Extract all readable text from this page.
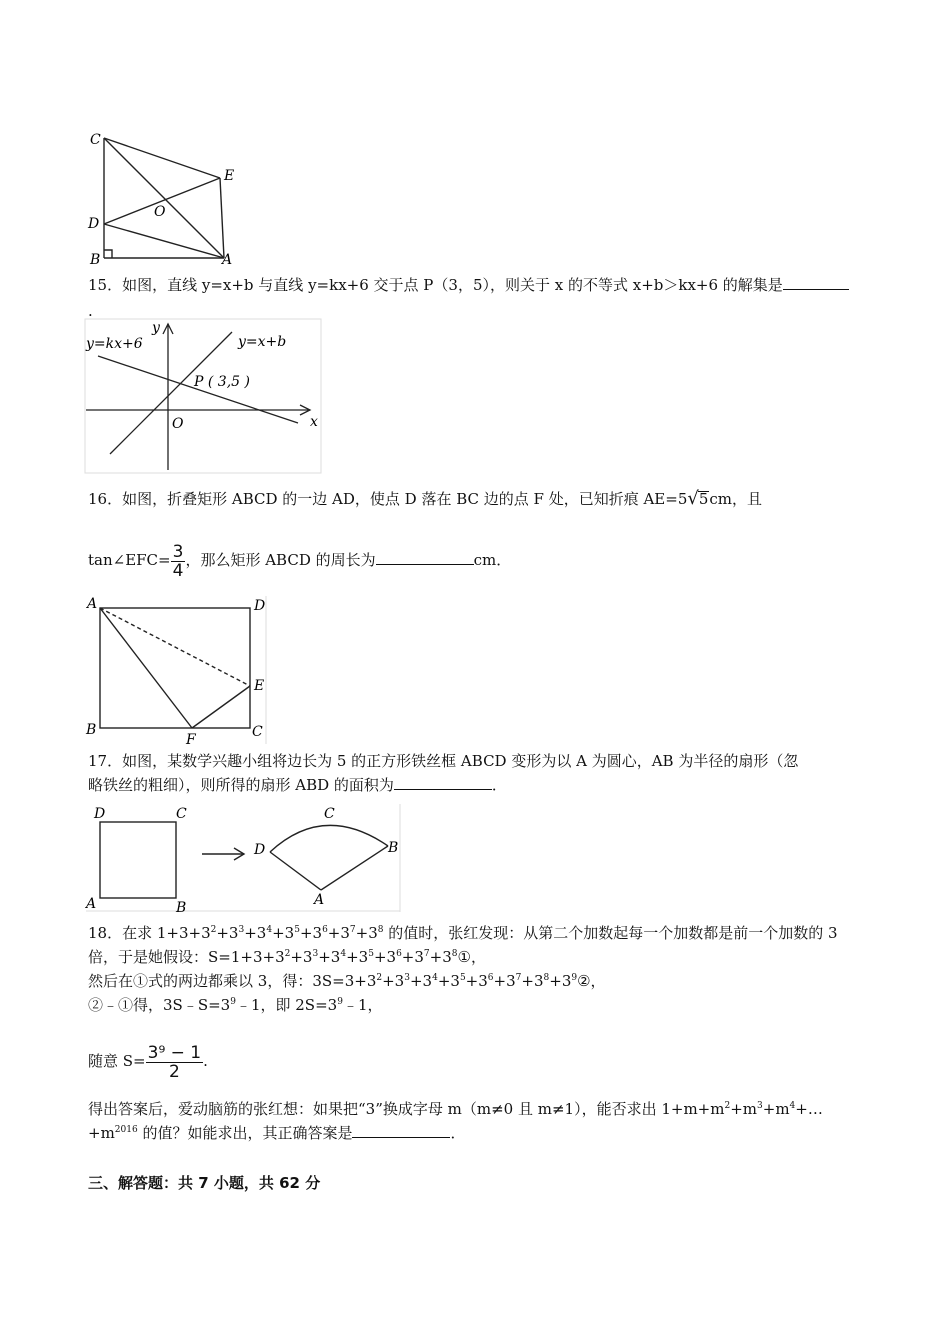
C
E
O
D
B	A
15．如图，直线 y=x+b 与直线 y=kx+6 交于点 P（3，5），则关于 x 的不等式 x+b＞kx+6 的解集是
.
y=kx+6	y=x+b
y
x
O
P ( 3,5 )
16．如图，折叠矩形 ABCD 的一边 AD，使点 D 落在 BC 边的点 F 处，已知折痕 AE=5√5cm，且
tan∠EFC= $\frac{3}{4}$ ，那么矩形 ABCD 的周长为	cm．
A	D
E
B
F	C
17．如图，某数学兴趣小组将边长为 5 的正方形铁丝框 ABCD 变形为以 A 为圆心，AB 为半径的扇形（忽
略铁丝的粗细），则所得的扇形 ABD 的面积为	．
D	C
A	B
C
D	B
A
18．在求 $1+3+3^2+3^3+3^4+3^5+3^6+3^7+3^8$ 的值时，张红发现：从第二个加数起每一个加数都是前一个加数的 3
倍，于是她假设：$S=1+3+3^2+3^3+3^4+3^5+3^6+3^7+3^8①$，
然后在①式的两边都乘以 3，得：$3S=3+3^2+3^3+3^4+3^5+3^6+3^7+3^8+3^9②$，
②﹣①得，$3S﹣S=3^9﹣1$，即 $2S=3^9﹣1$，
随意 $S= \frac{\text{3⁹ − 1}}{2}$ .
得出答案后，爱动脑筋的张红想：如果把“3”换成字母 m（m≠0 且 m≠1），能否求出 $1+m+m^2+m^3+m^4+\dots$
$+m^{2016}$ 的值？如能求出，其正确答案是	．
三、解答题：共 7 小题，共 62 分
